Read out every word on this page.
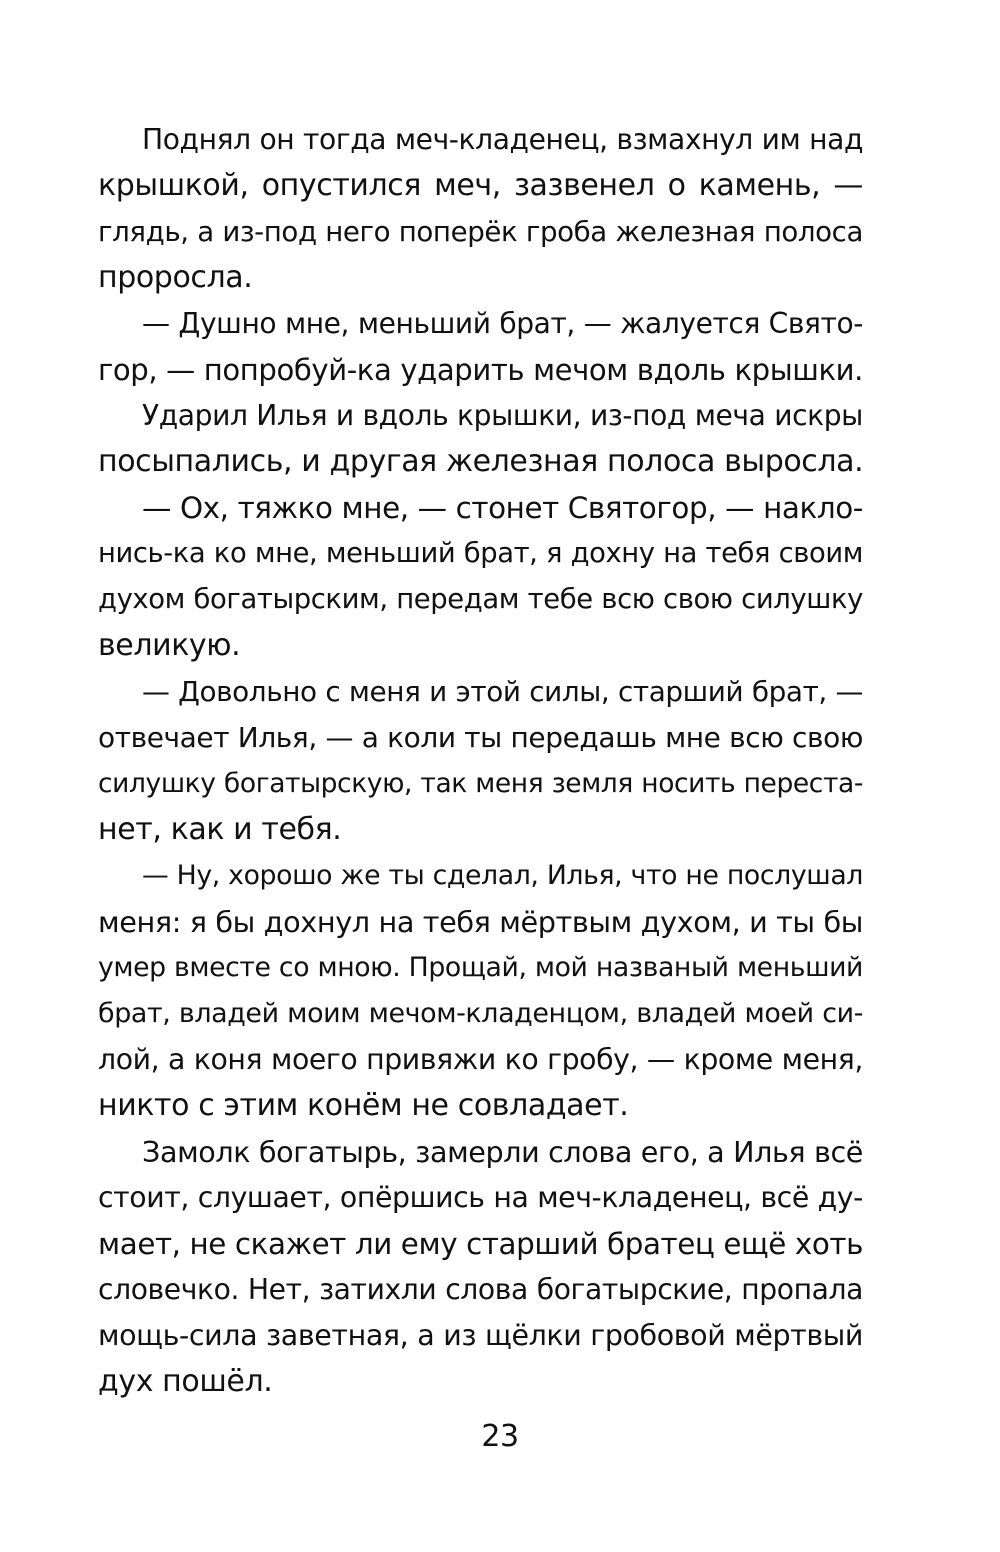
Поднял он тогда меч-кладенец, взмахнул им над
крышкой, опустился меч, зазвенел о камень, —
глядь, а из-под него поперёк гроба железная полоса
проросла.
— Душно мне, меньший брат, — жалуется Свято-
гор, — попробуй-ка ударить мечом вдоль крышки.
Ударил Илья и вдоль крышки, из-под меча искры
посыпались, и другая железная полоса выросла.
— Ох, тяжко мне, — стонет Святогор, — накло-
нись-ка ко мне, меньший брат, я дохну на тебя своим
духом богатырским, передам тебе всю свою силушку
великую.
— Довольно с меня и этой силы, старший брат, —
отвечает Илья, — а коли ты передашь мне всю свою
силушку богатырскую, так меня земля носить переста-
нет, как и тебя.
— Ну, хорошо же ты сделал, Илья, что не послушал
меня: я бы дохнул на тебя мёртвым духом, и ты бы
умер вместе со мною. Прощай, мой названый меньший
брат, владей моим мечом-кладенцом, владей моей си-
лой, а коня моего привяжи ко гробу, — кроме меня,
никто с этим конём не совладает.
Замолк богатырь, замерли слова его, а Илья всё
стоит, слушает, опёршись на меч-кладенец, всё ду-
мает, не скажет ли ему старший братец ещё хоть
словечко. Нет, затихли слова богатырские, пропала
мощь-сила заветная, а из щёлки гробовой мёртвый
дух пошёл.
23
